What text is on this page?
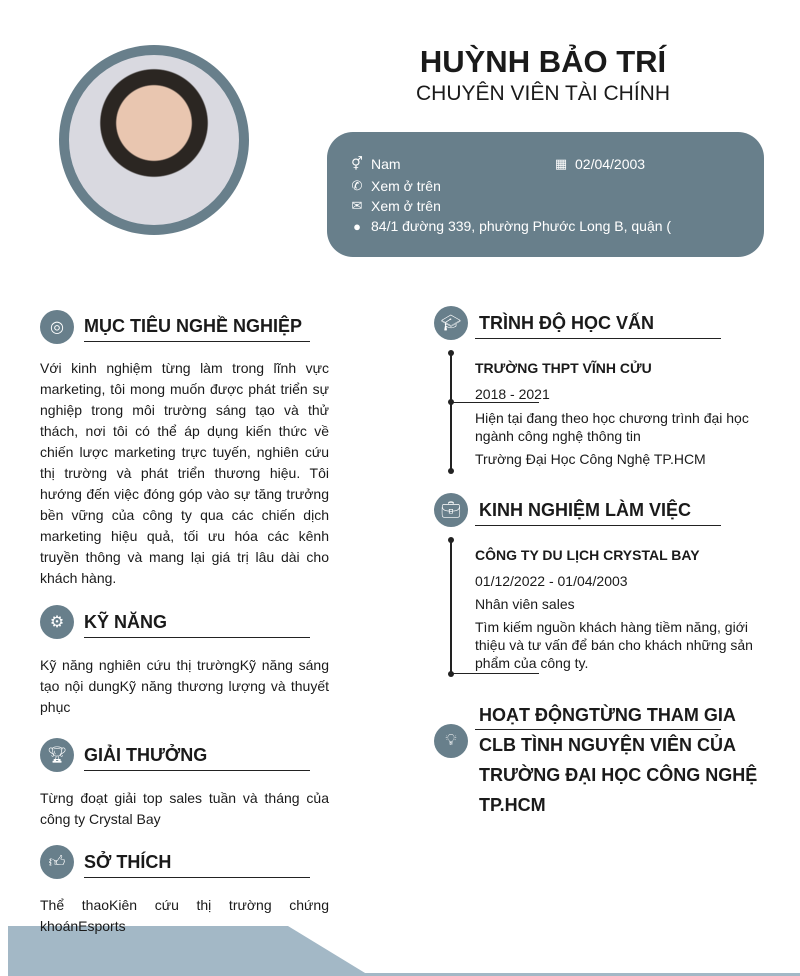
HUỲNH BẢO TRÍ
CHUYÊN VIÊN TÀI CHÍNH
⚥ Nam	▦ 02/04/2003
✆ Xem ở trên
✉ Xem ở trên
● 84/1 đường 339, phường Phước Long B, quận (
◎	MỤC TIÊU NGHỀ NGHIỆP
Với kinh nghiệm từng làm trong lĩnh vực marketing, tôi mong muốn được phát triển sự nghiệp trong môi trường sáng tạo và thử thách, nơi tôi có thể áp dụng kiến thức về chiến lược marketing trực tuyến, nghiên cứu thị trường và phát triển thương hiệu. Tôi hướng đến việc đóng góp vào sự tăng trưởng bền vững của công ty qua các chiến dịch marketing hiệu quả, tối ưu hóa các kênh truyền thông và mang lại giá trị lâu dài cho khách hàng.
⚙	KỸ NĂNG
Kỹ năng nghiên cứu thị trườngKỹ năng sáng tạo nội dungKỹ năng thương lượng và thuyết phục
🏆︎ GIẢI THƯỞNG
Từng đoạt giải top sales tuần và tháng của công ty Crystal Bay
👍︎	SỞ THÍCH
Thể thaoKiên cứu thị trường chứng khoánEsports
🎓︎ TRÌNH ĐỘ HỌC VẤN
TRƯỜNG THPT VĨNH CỬU
2018 - 2021
Hiện tại đang theo học chương trình đại học ngành công nghệ thông tin
Trường Đại Học Công Nghệ TP.HCM
💼︎ KINH NGHIỆM LÀM VIỆC
CÔNG TY DU LỊCH CRYSTAL BAY
01/12/2022 - 01/04/2003
Nhân viên sales
Tìm kiếm nguồn khách hàng tiềm năng, giới thiệu và tư vấn để bán cho khách những sản phẩm của công ty.
💡︎
HOẠT ĐỘNGTỪNG THAM GIA CLB TÌNH NGUYỆN VIÊN CỦA TRƯỜNG ĐẠI HỌC CÔNG NGHỆ TP.HCM
